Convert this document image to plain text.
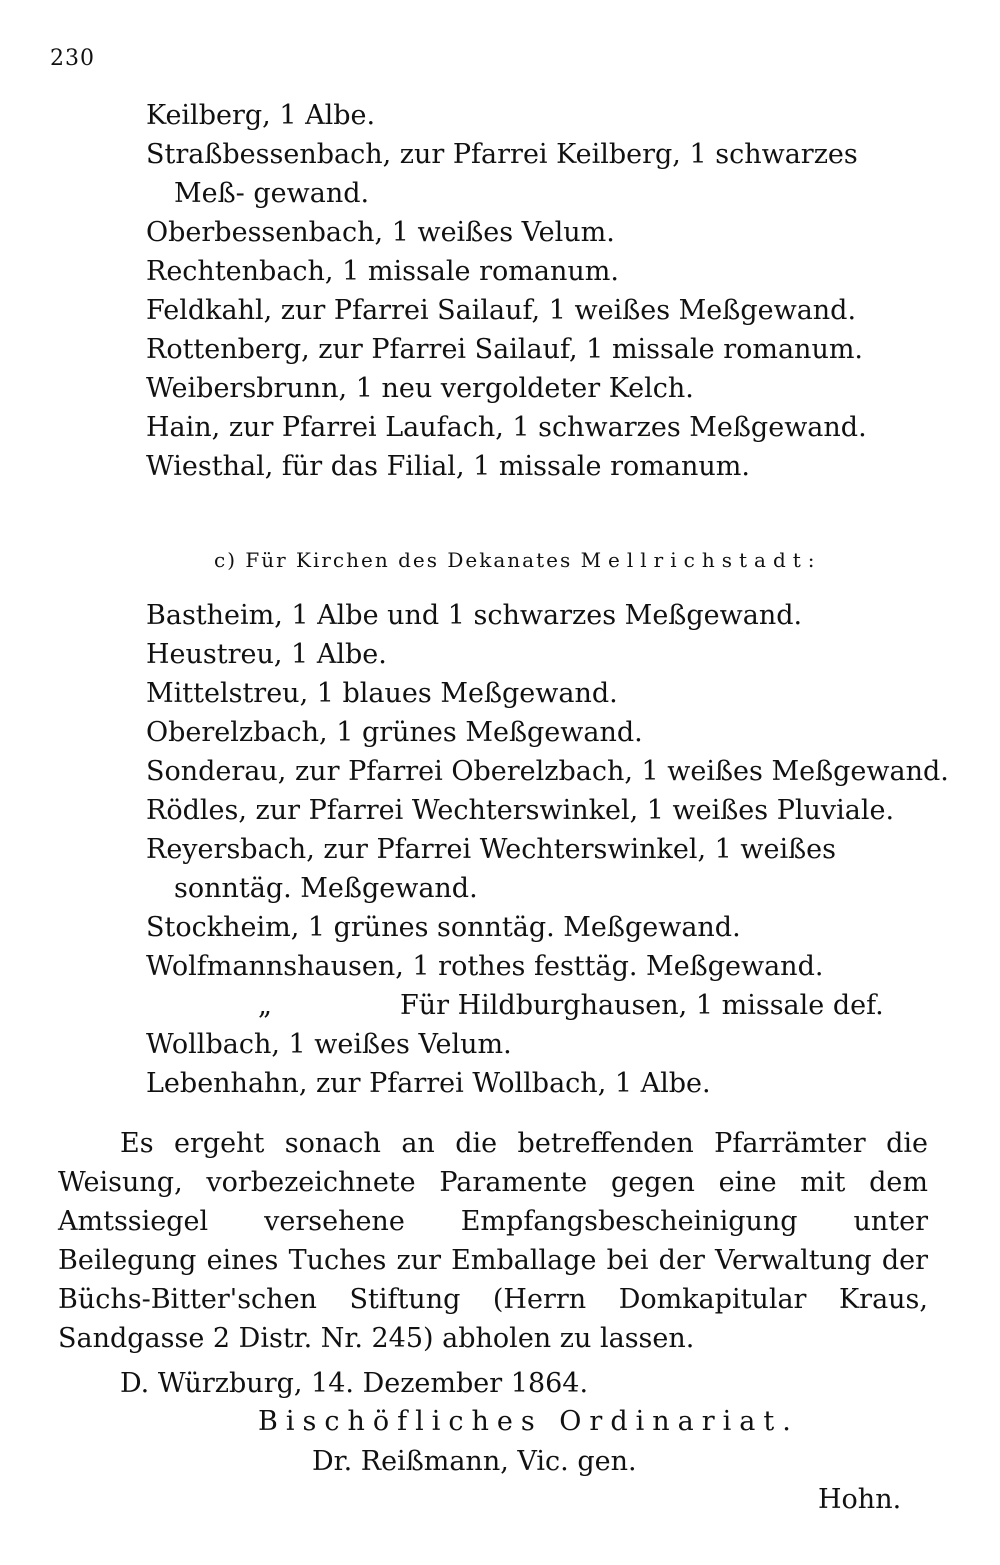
230
Keilberg, 1 Albe.
Straßbessenbach, zur Pfarrei Keilberg, 1 schwarzes Meß- gewand.
Oberbessenbach, 1 weißes Velum.
Rechtenbach, 1 missale romanum.
Feldkahl, zur Pfarrei Sailauf, 1 weißes Meßgewand.
Rottenberg, zur Pfarrei Sailauf, 1 missale romanum.
Weibersbrunn, 1 neu vergoldeter Kelch.
Hain, zur Pfarrei Laufach, 1 schwarzes Meßgewand.
Wiesthal, für das Filial, 1 missale romanum.
c) Für Kirchen des Dekanates Mellrichstadt:
Bastheim, 1 Albe und 1 schwarzes Meßgewand.
Heustreu, 1 Albe.
Mittelstreu, 1 blaues Meßgewand.
Oberelzbach, 1 grünes Meßgewand.
Sonderau, zur Pfarrei Oberelzbach, 1 weißes Meßgewand.
Rödles, zur Pfarrei Wechterswinkel, 1 weißes Pluviale.
Reyersbach, zur Pfarrei Wechterswinkel, 1 weißes sonntäg. Meßgewand.
Stockheim, 1 grünes sonntäg. Meßgewand.
Wolfmannshausen, 1 rothes festtäg. Meßgewand.
„	Für Hildburghausen, 1 missale def.
Wollbach, 1 weißes Velum.
Lebenhahn, zur Pfarrei Wollbach, 1 Albe.
Es ergeht sonach an die betreffenden Pfarrämter die Weisung, vorbezeichnete Paramente gegen eine mit dem Amtssiegel versehene Empfangsbescheinigung unter Beilegung eines Tuches zur Emballage bei der Verwaltung der Büchs-Bitter'schen Stiftung (Herrn Domkapitular Kraus, Sandgasse 2 Distr. Nr. 245) abholen zu lassen.
D. Würzburg, 14. Dezember 1864.
Bischöfliches Ordinariat.
Dr. Reißmann, Vic. gen.
Hohn.
